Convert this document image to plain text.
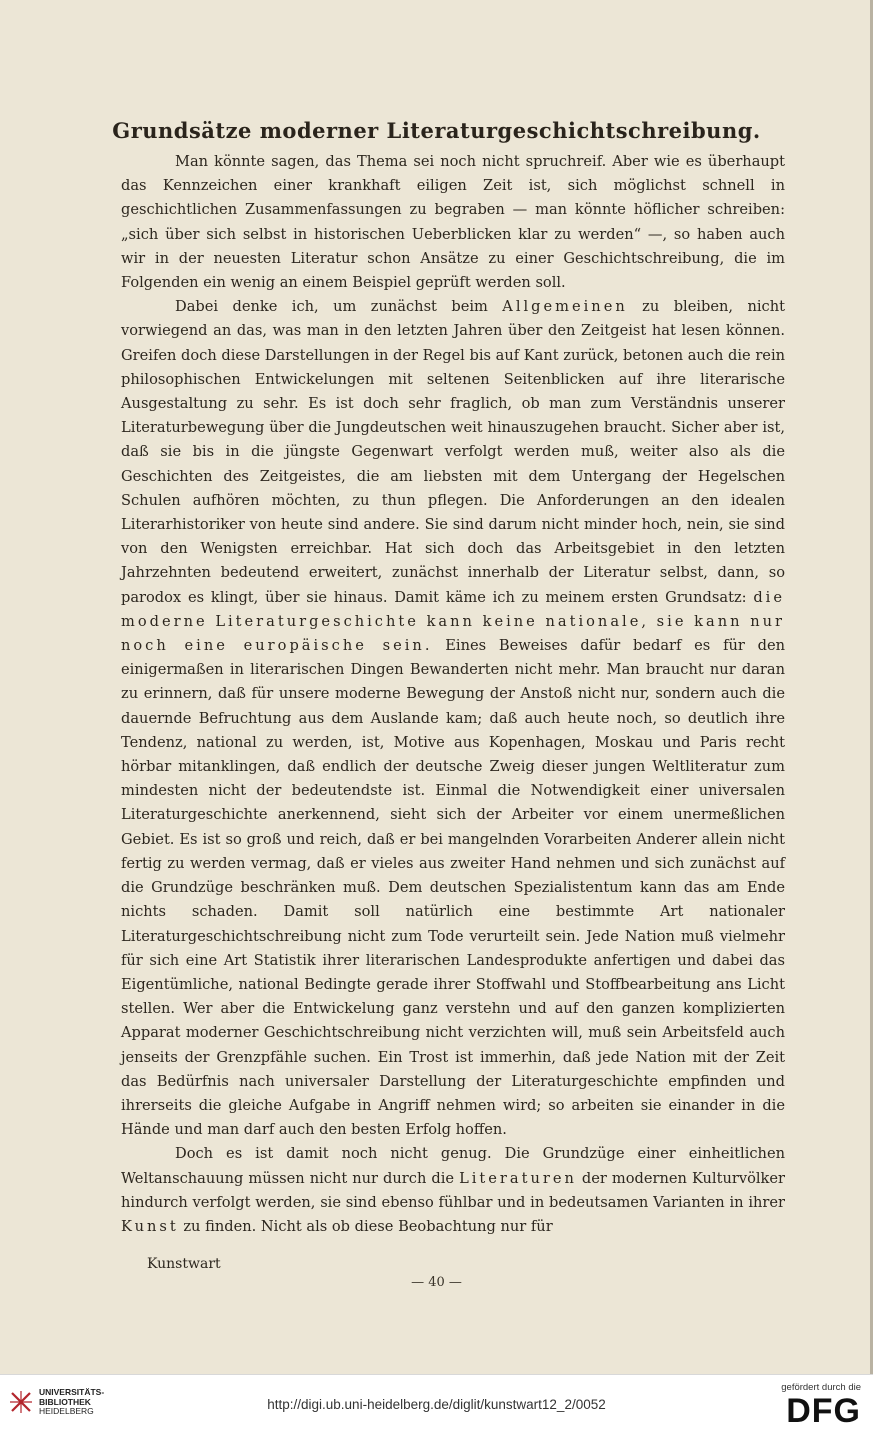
Grundsätze moderner Literaturgeschichtschreibung.

Man könnte sagen, das Thema sei noch nicht spruchreif. Aber wie es überhaupt das Kennzeichen einer krankhaft eiligen Zeit ist, sich möglichst schnell in geschichtlichen Zusammenfassungen zu begraben — man könnte höflicher schreiben: „sich über sich selbst in historischen Ueberblicken klar zu werden“ —, so haben auch wir in der neuesten Literatur schon Ansätze zu einer Geschichtschreibung, die im Folgenden ein wenig an einem Beispiel geprüft werden soll.

Dabei denke ich, um zunächst beim Allgemeinen zu bleiben, nicht vorwiegend an das, was man in den letzten Jahren über den Zeitgeist hat lesen können. Greifen doch diese Darstellungen in der Regel bis auf Kant zurück, betonen auch die rein philosophischen Entwickelungen mit seltenen Seitenblicken auf ihre literarische Ausgestaltung zu sehr. Es ist doch sehr fraglich, ob man zum Verständnis unserer Literaturbewegung über die Jungdeutschen weit hinauszugehen braucht. Sicher aber ist, daß sie bis in die jüngste Gegenwart verfolgt werden muß, weiter also als die Geschichten des Zeitgeistes, die am liebsten mit dem Untergang der Hegelschen Schulen aufhören möchten, zu thun pflegen. Die Anforderungen an den idealen Literarhistoriker von heute sind andere. Sie sind darum nicht minder hoch, nein, sie sind von den Wenigsten erreichbar. Hat sich doch das Arbeitsgebiet in den letzten Jahrzehnten bedeutend erweitert, zunächst innerhalb der Literatur selbst, dann, so parodox es klingt, über sie hinaus. Damit käme ich zu meinem ersten Grundsatz: die moderne Literaturgeschichte kann keine nationale, sie kann nur noch eine europäische sein. Eines Beweises dafür bedarf es für den einigermaßen in literarischen Dingen Bewanderten nicht mehr. Man braucht nur daran zu erinnern, daß für unsere moderne Bewegung der Anstoß nicht nur, sondern auch die dauernde Befruchtung aus dem Auslande kam; daß auch heute noch, so deutlich ihre Tendenz, national zu werden, ist, Motive aus Kopenhagen, Moskau und Paris recht hörbar mitanklingen, daß endlich der deutsche Zweig dieser jungen Weltliteratur zum mindesten nicht der bedeutendste ist. Einmal die Notwendigkeit einer universalen Literaturgeschichte anerkennend, sieht sich der Arbeiter vor einem unermeßlichen Gebiet. Es ist so groß und reich, daß er bei mangelnden Vorarbeiten Anderer allein nicht fertig zu werden vermag, daß er vieles aus zweiter Hand nehmen und sich zunächst auf die Grundzüge beschränken muß. Dem deutschen Spezialistentum kann das am Ende nichts schaden. Damit soll natürlich eine bestimmte Art nationaler Literaturgeschichtschreibung nicht zum Tode verurteilt sein. Jede Nation muß vielmehr für sich eine Art Statistik ihrer literarischen Landesprodukte anfertigen und dabei das Eigentümliche, national Bedingte gerade ihrer Stoffwahl und Stoffbearbeitung ans Licht stellen. Wer aber die Entwickelung ganz verstehn und auf den ganzen komplizierten Apparat moderner Geschichtschreibung nicht verzichten will, muß sein Arbeitsfeld auch jenseits der Grenzpfähle suchen. Ein Trost ist immerhin, daß jede Nation mit der Zeit das Bedürfnis nach universaler Darstellung der Literaturgeschichte empfinden und ihrerseits die gleiche Aufgabe in Angriff nehmen wird; so arbeiten sie einander in die Hände und man darf auch den besten Erfolg hoffen.

Doch es ist damit noch nicht genug. Die Grundzüge einer einheitlichen Weltanschauung müssen nicht nur durch die Literaturen der modernen Kulturvölker hindurch verfolgt werden, sie sind ebenso fühlbar und in bedeutsamen Varianten in ihrer Kunst zu finden. Nicht als ob diese Beobachtung nur für

Kunstwart
— 40 —
UNIVERSITÄTS-
BIBLIOTHEK
HEIDELBERG	http://digi.ub.uni-heidelberg.de/diglit/kunstwart12_2/0052
gefördert durch die
DFG
